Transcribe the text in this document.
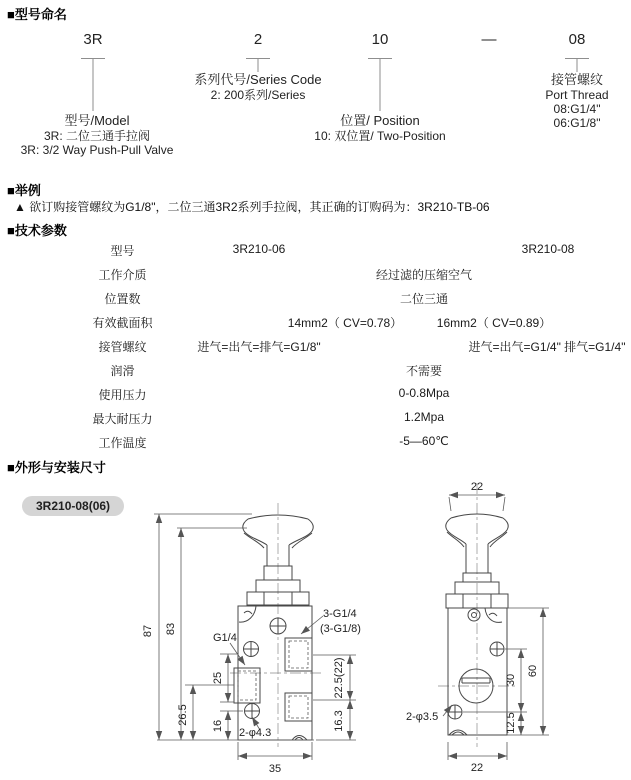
■型号命名
■举例
■技术参数
■外形与安装尺寸
3R	2	10	—	08
系列代号/Series Code
2: 200系列/Series
接管螺纹
Port Thread
08:G1/4"
06:G1/8"
型号/Model
3R: 二位三通手拉阀
3R: 3/2 Way Push-Pull Valve
位置/ Position
10: 双位置/ Two-Position
▲ 欲订购接管螺纹为G1/8"，二位三通3R2系列手拉阀，其正确的订购码为：3R210-TB-06
型号	3R210-06	3R210-08
工作介质	经过滤的压缩空气
位置数	二位三通
有效截面积	14mm2（ CV=0.78）	16mm2（ CV=0.89）
接管螺纹	进气=出气=排气=G1/8"	进气=出气=G1/4" 排气=G1/4"
润滑	不需要
使用压力	0-0.8Mpa
最大耐压力	1.2Mpa
工作温度	-5—60℃
3R210-08(06)
87 83
25
26.5
16
22.5(22)
16.3
35
G1/4
3-G1/4
(3-G1/8)
2-φ4.3
22
30
60
12.5
22
2-φ3.5
